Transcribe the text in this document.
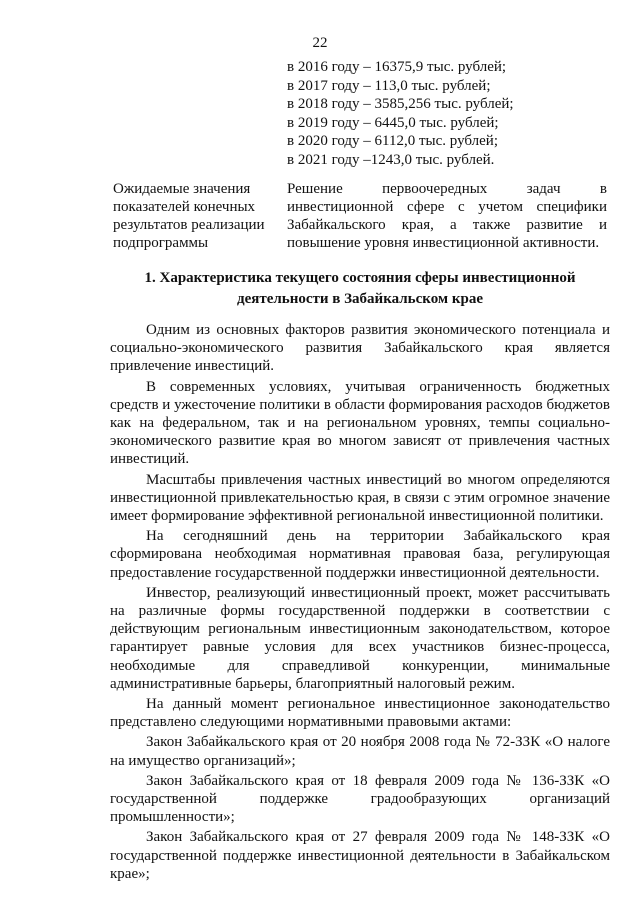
22
в 2016 году – 16375,9 тыс. рублей;
в 2017 году – 113,0 тыс. рублей;
в 2018 году – 3585,256 тыс. рублей;
в 2019 году – 6445,0 тыс. рублей;
в 2020 году – 6112,0 тыс. рублей;
в 2021 году –1243,0 тыс. рублей.
Ожидаемые значения показателей конечных результатов реализации подпрограммы
Решение первоочередных задач в инвестиционной сфере с учетом специфики Забайкальского края, а также развитие и повышение уровня инвестиционной активности.
1. Характеристика текущего состояния сферы инвестиционной деятельности в Забайкальском крае

Одним из основных факторов развития экономического потенциала и социально-экономического развития Забайкальского края является привлечение инвестиций.

В современных условиях, учитывая ограниченность бюджетных средств и ужесточение политики в области формирования расходов бюджетов как на федеральном, так и на региональном уровнях, темпы социально-экономического развитие края во многом зависят от привлечения частных инвестиций.

Масштабы привлечения частных инвестиций во многом определяются инвестиционной привлекательностью края, в связи с этим огромное значение имеет формирование эффективной региональной инвестиционной политики.

На сегодняшний день на территории Забайкальского края сформирована необходимая нормативная правовая база, регулирующая предоставление государственной поддержки инвестиционной деятельности.

Инвестор, реализующий инвестиционный проект, может рассчитывать на различные формы государственной поддержки в соответствии с действующим региональным инвестиционным законодательством, которое гарантирует равные условия для всех участников бизнес-процесса, необходимые для справедливой конкуренции, минимальные административные барьеры, благоприятный налоговый режим.

На данный момент региональное инвестиционное законодательство представлено следующими нормативными правовыми актами:

Закон Забайкальского края от 20 ноября 2008 года № 72-ЗЗК «О налоге на имущество организаций»;

Закон Забайкальского края от 18 февраля 2009 года № 136-ЗЗК «О государственной поддержке градообразующих организаций промышленности»;

Закон Забайкальского края от 27 февраля 2009 года № 148-ЗЗК «О государственной поддержке инвестиционной деятельности в Забайкальском крае»;
